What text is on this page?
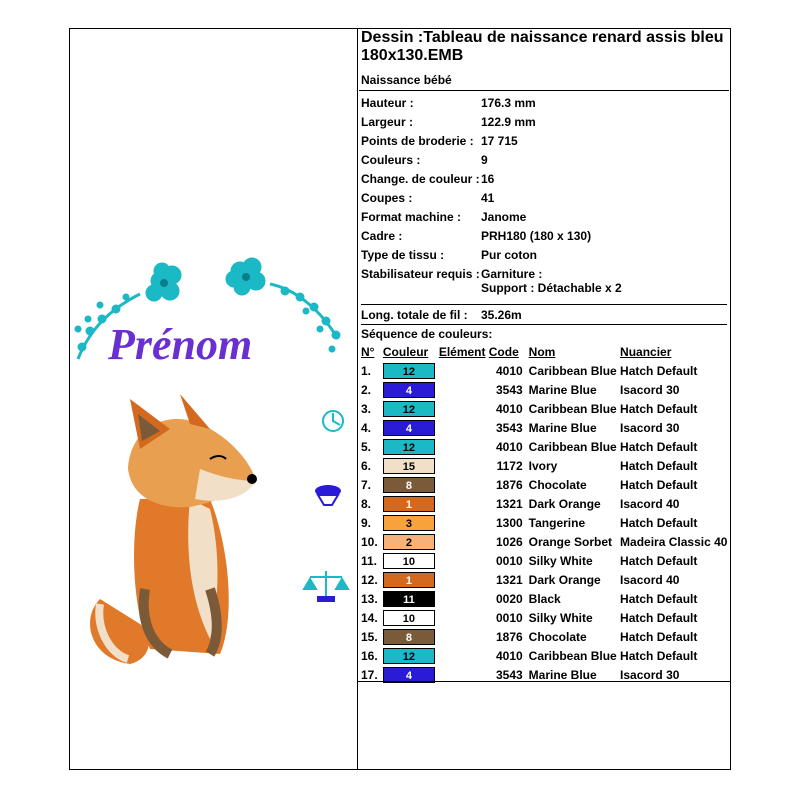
Prénom
Dessin :Tableau de naissance renard assis bleu 180x130.EMB
Naissance bébé
Hauteur :	176.3 mm
Largeur :	122.9 mm
Points de broderie : 17 715
Couleurs :	9
Change. de couleur : 16
Coupes :	41
Format machine :	Janome
Cadre :	PRH180 (180 x 130)
Type de tissu :	Pur coton
Stabilisateur requis : Garniture :
Support : Détachable x 2
Long. totale de fil :	35.26m
Séquence de couleurs:
N°	Couleur	Elément	Code	Nom	Nuancier
1.	12		4010	Caribbean Blue	Hatch Default
2.	4		3543	Marine Blue	Isacord 30
3.	12		4010	Caribbean Blue	Hatch Default
4.	4		3543	Marine Blue	Isacord 30
5.	12		4010	Caribbean Blue	Hatch Default
6.	15		1172	Ivory	Hatch Default
7.	8		1876	Chocolate	Hatch Default
8.	1		1321	Dark Orange	Isacord 40
9.	3		1300	Tangerine	Hatch Default
10.	2		1026	Orange Sorbet	Madeira Classic 40
11.	10		0010	Silky White	Hatch Default
12.	1		1321	Dark Orange	Isacord 40
13.	11		0020	Black	Hatch Default
14.	10		0010	Silky White	Hatch Default
15.	8		1876	Chocolate	Hatch Default
16.	12		4010	Caribbean Blue	Hatch Default
17.	4		3543	Marine Blue	Isacord 30
